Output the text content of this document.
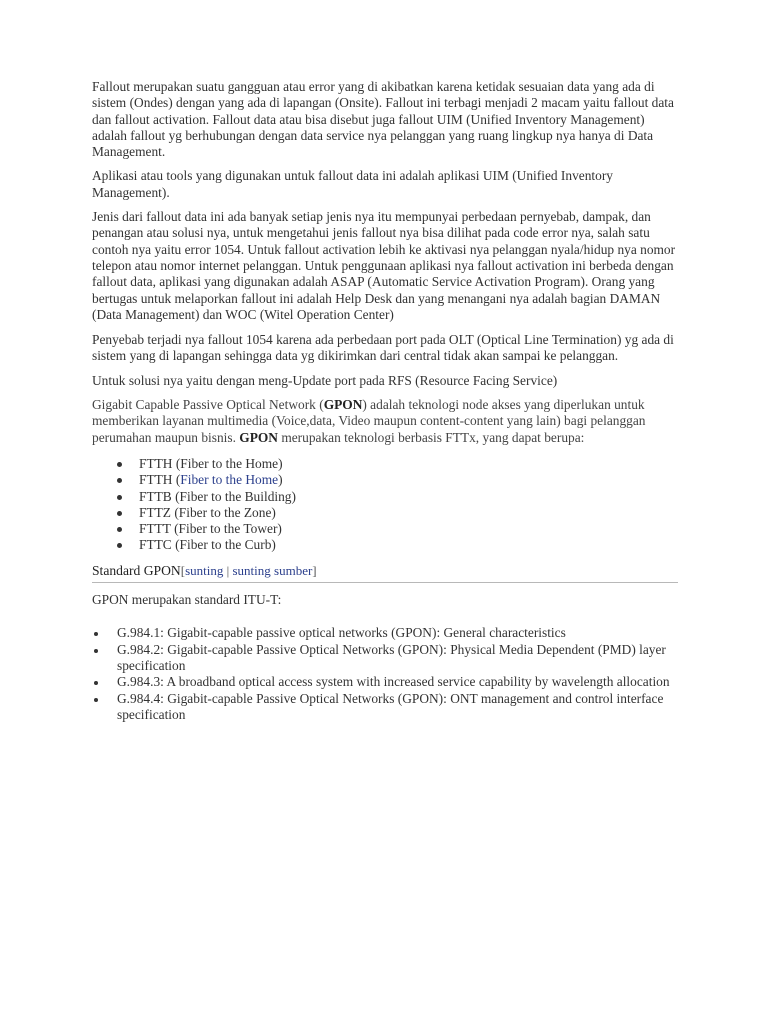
Fallout merupakan suatu gangguan atau error yang di akibatkan karena ketidak sesuaian data yang ada di sistem (Ondes) dengan yang ada di lapangan (Onsite). Fallout ini terbagi menjadi 2 macam yaitu fallout data dan fallout activation. Fallout data atau bisa disebut juga fallout UIM (Unified Inventory Management) adalah fallout yg berhubungan dengan data service nya pelanggan yang ruang lingkup nya hanya di Data Management.

Aplikasi atau tools yang digunakan untuk fallout data ini adalah aplikasi UIM (Unified Inventory Management).

Jenis dari fallout data ini ada banyak setiap jenis nya itu mempunyai perbedaan pernyebab, dampak, dan penangan atau solusi nya, untuk mengetahui jenis fallout nya bisa dilihat pada code error nya, salah satu contoh nya yaitu error 1054. Untuk fallout activation lebih ke aktivasi nya pelanggan nyala/hidup nya nomor telepon atau nomor internet pelanggan. Untuk penggunaan aplikasi nya fallout activation ini berbeda dengan fallout data, aplikasi yang digunakan adalah ASAP (Automatic Service Activation Program). Orang yang bertugas untuk melaporkan fallout ini adalah Help Desk dan yang menangani nya adalah bagian DAMAN (Data Management) dan WOC (Witel Operation Center)

Penyebab terjadi nya fallout 1054 karena ada perbedaan port pada OLT (Optical Line Termination) yg ada di sistem yang di lapangan sehingga data yg dikirimkan dari central tidak akan sampai ke pelanggan.

Untuk solusi nya yaitu dengan meng-Update port pada RFS (Resource Facing Service)

Gigabit Capable Passive Optical Network (GPON) adalah teknologi node akses yang diperlukan untuk memberikan layanan multimedia (Voice,data, Video maupun content-content yang lain) bagi pelanggan perumahan maupun bisnis. GPON merupakan teknologi berbasis FTTx, yang dapat berupa:

FTTH (Fiber to the Home)
FTTH (Fiber to the Home)
FTTB (Fiber to the Building)
FTTZ (Fiber to the Zone)
FTTT (Fiber to the Tower)
FTTC (Fiber to the Curb)
Standard GPON[sunting | sunting sumber]

GPON merupakan standard ITU-T:

G.984.1: Gigabit-capable passive optical networks (GPON): General characteristics
G.984.2: Gigabit-capable Passive Optical Networks (GPON): Physical Media Dependent (PMD) layer specification
G.984.3: A broadband optical access system with increased service capability by wavelength allocation
G.984.4: Gigabit-capable Passive Optical Networks (GPON): ONT management and control interface specification
